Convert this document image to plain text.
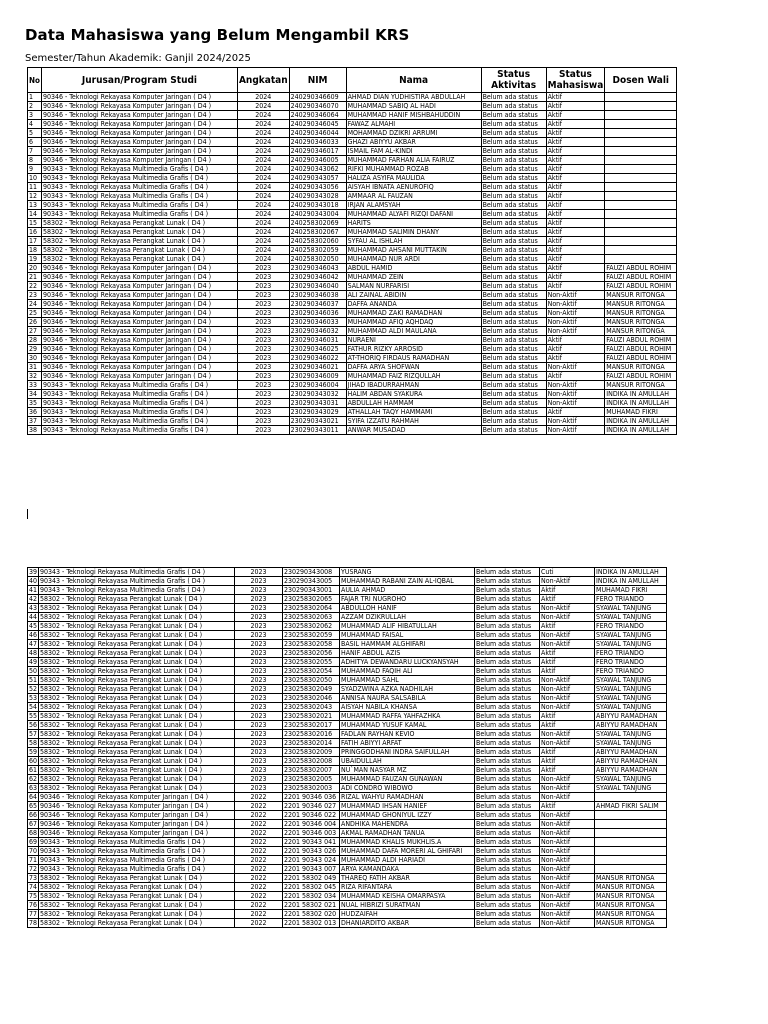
Data Mahasiswa yang Belum Mengambil KRS
Semester/Tahun Akademik: Ganjil 2024/2025
No	Jurusan/Program Studi	Angkatan	NIM	Nama	Status Aktivitas	Status Mahasiswa	Dosen Wali
1	90346 - Teknologi Rekayasa Komputer Jaringan ( D4 )	2024	240290346609	AHMAD DIAN YUDHISTIRA ABDULLAH	Belum ada status	Aktif	
2	90346 - Teknologi Rekayasa Komputer Jaringan ( D4 )	2024	240290346070	MUHAMMAD SABIQ AL HADI	Belum ada status	Aktif	
3	90346 - Teknologi Rekayasa Komputer Jaringan ( D4 )	2024	240290346064	MUHAMMAD HANIF MISHBAHUDDIN	Belum ada status	Aktif	
4	90346 - Teknologi Rekayasa Komputer Jaringan ( D4 )	2024	240290346045	FAWAZ ALMAHI	Belum ada status	Aktif	
5	90346 - Teknologi Rekayasa Komputer Jaringan ( D4 )	2024	240290346044	MOHAMMAD DZIKRI ARRUMI	Belum ada status	Aktif	
6	90346 - Teknologi Rekayasa Komputer Jaringan ( D4 )	2024	240290346033	GHAZI ABIYYU AKBAR	Belum ada status	Aktif	
7	90346 - Teknologi Rekayasa Komputer Jaringan ( D4 )	2024	240290346017	ISMAIL FAM AL-KINDI	Belum ada status	Aktif	
8	90346 - Teknologi Rekayasa Komputer Jaringan ( D4 )	2024	240290346005	MUHAMMAD FARHAN ALIA FAIRUZ	Belum ada status	Aktif	
9	90343 - Teknologi Rekayasa Multimedia Grafis ( D4 )	2024	240290343062	RIFKI MUHAMMAD ROZAB	Belum ada status	Aktif	
10	90343 - Teknologi Rekayasa Multimedia Grafis ( D4 )	2024	240290343057	HALIZA ASYIFA MAULIDA	Belum ada status	Aktif	
11	90343 - Teknologi Rekayasa Multimedia Grafis ( D4 )	2024	240290343056	AISYAH IBNATA AENUROFIQ	Belum ada status	Aktif	
12	90343 - Teknologi Rekayasa Multimedia Grafis ( D4 )	2024	240290343028	AMMAAR AL FAUZAN	Belum ada status	Aktif	
13	90343 - Teknologi Rekayasa Multimedia Grafis ( D4 )	2024	240290343018	IRJAN ALAMSYAH	Belum ada status	Aktif	
14	90343 - Teknologi Rekayasa Multimedia Grafis ( D4 )	2024	240290343004	MUHAMMAD ALYAFI RIZQI DAFANI	Belum ada status	Aktif	
15	58302 - Teknologi Rekayasa Perangkat Lunak ( D4 )	2024	240258302069	HARITS	Belum ada status	Aktif	
16	58302 - Teknologi Rekayasa Perangkat Lunak ( D4 )	2024	240258302067	MUHAMMAD SALIMIN DHANY	Belum ada status	Aktif	
17	58302 - Teknologi Rekayasa Perangkat Lunak ( D4 )	2024	240258302060	SYFAU AL ISHLAH	Belum ada status	Aktif	
18	58302 - Teknologi Rekayasa Perangkat Lunak ( D4 )	2024	240258302059	MUHAMMAD AHSANI MUTTAKIN	Belum ada status	Aktif	
19	58302 - Teknologi Rekayasa Perangkat Lunak ( D4 )	2024	240258302050	MUHAMMAD NUR ARDI	Belum ada status	Aktif	
20	90346 - Teknologi Rekayasa Komputer Jaringan ( D4 )	2023	230290346043	ABDUL HAMID	Belum ada status	Aktif	FAUZI ABDUL ROHIM
21	90346 - Teknologi Rekayasa Komputer Jaringan ( D4 )	2023	230290346042	MUHAMMAD ZEIN	Belum ada status	Aktif	FAUZI ABDUL ROHIM
22	90346 - Teknologi Rekayasa Komputer Jaringan ( D4 )	2023	230290346040	SALMAN NURFARISI	Belum ada status	Aktif	FAUZI ABDUL ROHIM
23	90346 - Teknologi Rekayasa Komputer Jaringan ( D4 )	2023	230290346038	ALI ZAINAL ABIDIN	Belum ada status	Non-Aktif	MANSUR RITONGA
24	90346 - Teknologi Rekayasa Komputer Jaringan ( D4 )	2023	230290346037	DAFFA ANANDA	Belum ada status	Non-Aktif	MANSUR RITONGA
25	90346 - Teknologi Rekayasa Komputer Jaringan ( D4 )	2023	230290346036	MUHAMMAD ZAKI RAMADHAN	Belum ada status	Non-Aktif	MANSUR RITONGA
26	90346 - Teknologi Rekayasa Komputer Jaringan ( D4 )	2023	230290346033	MUHAMMAD AFIQ AQHDAQ	Belum ada status	Non-Aktif	MANSUR RITONGA
27	90346 - Teknologi Rekayasa Komputer Jaringan ( D4 )	2023	230290346032	MUHAMMAD ALDI MAULANA	Belum ada status	Non-Aktif	MANSUR RITONGA
28	90346 - Teknologi Rekayasa Komputer Jaringan ( D4 )	2023	230290346031	NURAENI	Belum ada status	Aktif	FAUZI ABDUL ROHIM
29	90346 - Teknologi Rekayasa Komputer Jaringan ( D4 )	2023	230290346025	FATHUR RIZKY ARROSID	Belum ada status	Aktif	FAUZI ABDUL ROHIM
30	90346 - Teknologi Rekayasa Komputer Jaringan ( D4 )	2023	230290346022	AT-THORIQ FIRDAUS RAMADHAN	Belum ada status	Aktif	FAUZI ABDUL ROHIM
31	90346 - Teknologi Rekayasa Komputer Jaringan ( D4 )	2023	230290346021	DAFFA ARYA SHOFWAN	Belum ada status	Non-Aktif	MANSUR RITONGA
32	90346 - Teknologi Rekayasa Komputer Jaringan ( D4 )	2023	230290346009	MUHAMMAD FAIZ RIZQULLAH	Belum ada status	Aktif	FAUZI ABDUL ROHIM
33	90343 - Teknologi Rekayasa Multimedia Grafis ( D4 )	2023	230290346004	JIHAD IBADURRAHMAN	Belum ada status	Non-Aktif	MANSUR RITONGA
34	90343 - Teknologi Rekayasa Multimedia Grafis ( D4 )	2023	230290343032	HALIM ABDAN SYAKURA	Belum ada status	Non-Aktif	INDIKA IN AMULLAH
35	90343 - Teknologi Rekayasa Multimedia Grafis ( D4 )	2023	230290343031	ABDULLAH HAMMAM	Belum ada status	Non-Aktif	INDIKA IN AMULLAH
36	90343 - Teknologi Rekayasa Multimedia Grafis ( D4 )	2023	230290343029	ATHALLAH TAQY HAMMAMI	Belum ada status	Aktif	MUHAMAD FIKRI
37	90343 - Teknologi Rekayasa Multimedia Grafis ( D4 )	2023	230290343021	SYIFA IZZATU RAHMAH	Belum ada status	Non-Aktif	INDIKA IN AMULLAH
38	90343 - Teknologi Rekayasa Multimedia Grafis ( D4 )	2023	230290343011	ANWAR MUSADAD	Belum ada status	Non-Aktif	INDIKA IN AMULLAH
39	90343 - Teknologi Rekayasa Multimedia Grafis ( D4 )	2023	230290343008	YUSRANG	Belum ada status	Cuti	INDIKA IN AMULLAH
40	90343 - Teknologi Rekayasa Multimedia Grafis ( D4 )	2023	230290343005	MUHAMMAD RABANI ZAIN AL-IQBAL	Belum ada status	Non-Aktif	INDIKA IN AMULLAH
41	90343 - Teknologi Rekayasa Multimedia Grafis ( D4 )	2023	230290343001	AULIA AHMAD	Belum ada status	Aktif	MUHAMAD FIKRI
42	58302 - Teknologi Rekayasa Perangkat Lunak ( D4 )	2023	230258302065	FAJAR TRI NUGROHO	Belum ada status	Aktif	FERO TRIANDO
43	58302 - Teknologi Rekayasa Perangkat Lunak ( D4 )	2023	230258302064	ABDULLOH HANIF	Belum ada status	Non-Aktif	SYAWAL TANJUNG
44	58302 - Teknologi Rekayasa Perangkat Lunak ( D4 )	2023	230258302063	AZZAM DZIKRULLAH	Belum ada status	Non-Aktif	SYAWAL TANJUNG
45	58302 - Teknologi Rekayasa Perangkat Lunak ( D4 )	2023	230258302062	MUHAMMAD ALIF HIBATULLAH	Belum ada status	Aktif	FERO TRIANDO
46	58302 - Teknologi Rekayasa Perangkat Lunak ( D4 )	2023	230258302059	MUHAMMAD FAISAL	Belum ada status	Non-Aktif	SYAWAL TANJUNG
47	58302 - Teknologi Rekayasa Perangkat Lunak ( D4 )	2023	230258302058	BASIL HAMMAM ALGHIFARI	Belum ada status	Non-Aktif	SYAWAL TANJUNG
48	58302 - Teknologi Rekayasa Perangkat Lunak ( D4 )	2023	230258302056	HANIF ABDUL AZIS	Belum ada status	Aktif	FERO TRIANDO
49	58302 - Teknologi Rekayasa Perangkat Lunak ( D4 )	2023	230258302055	ADHITYA DEWANDARU LUCKYANSYAH	Belum ada status	Aktif	FERO TRIANDO
50	58302 - Teknologi Rekayasa Perangkat Lunak ( D4 )	2023	230258302054	MUHAMMAD FAQIH ALI	Belum ada status	Aktif	FERO TRIANDO
51	58302 - Teknologi Rekayasa Perangkat Lunak ( D4 )	2023	230258302050	MUHAMMAD SAHL	Belum ada status	Non-Aktif	SYAWAL TANJUNG
52	58302 - Teknologi Rekayasa Perangkat Lunak ( D4 )	2023	230258302049	SYADZWINA AZKA NADHILAH	Belum ada status	Non-Aktif	SYAWAL TANJUNG
53	58302 - Teknologi Rekayasa Perangkat Lunak ( D4 )	2023	230258302046	ANNISA NAURA SALSABILA	Belum ada status	Non-Aktif	SYAWAL TANJUNG
54	58302 - Teknologi Rekayasa Perangkat Lunak ( D4 )	2023	230258302043	AISYAH NABILA KHANSA	Belum ada status	Non-Aktif	SYAWAL TANJUNG
55	58302 - Teknologi Rekayasa Perangkat Lunak ( D4 )	2023	230258302021	MUHAMMAD RAFFA YAHFAZHKA	Belum ada status	Aktif	ABIYYU RAMADHAN
56	58302 - Teknologi Rekayasa Perangkat Lunak ( D4 )	2023	230258302017	MUHAMMAD YUSUF KAMAL	Belum ada status	Aktif	ABIYYU RAMADHAN
57	58302 - Teknologi Rekayasa Perangkat Lunak ( D4 )	2023	230258302016	FADLAN RAYHAN KEVIO	Belum ada status	Non-Aktif	SYAWAL TANJUNG
58	58302 - Teknologi Rekayasa Perangkat Lunak ( D4 )	2023	230258302014	FATIH ABIYYI ARFAT	Belum ada status	Non-Aktif	SYAWAL TANJUNG
59	58302 - Teknologi Rekayasa Perangkat Lunak ( D4 )	2023	230258302009	PRINGGODHANI INDRA SAIFULLAH	Belum ada status	Aktif	ABIYYU RAMADHAN
60	58302 - Teknologi Rekayasa Perangkat Lunak ( D4 )	2023	230258302008	UBAIDULLAH	Belum ada status	Aktif	ABIYYU RAMADHAN
61	58302 - Teknologi Rekayasa Perangkat Lunak ( D4 )	2023	230258302007	NU`MAN NASYAR MZ	Belum ada status	Aktif	ABIYYU RAMADHAN
62	58302 - Teknologi Rekayasa Perangkat Lunak ( D4 )	2023	230258302005	MUHAMMAD FAUZAN GUNAWAN	Belum ada status	Non-Aktif	SYAWAL TANJUNG
63	58302 - Teknologi Rekayasa Perangkat Lunak ( D4 )	2023	230258302003	ADI CONDRO WIBOWO	Belum ada status	Non-Aktif	SYAWAL TANJUNG
64	90346 - Teknologi Rekayasa Komputer Jaringan ( D4 )	2022	2201 90346 036	RIZAL WAHYU RAMADHAN	Belum ada status	Non-Aktif	
65	90346 - Teknologi Rekayasa Komputer Jaringan ( D4 )	2022	2201 90346 027	MUHAMMAD IHSAN HANIEF	Belum ada status	Aktif	AHMAD FIKRI SALIM
66	90346 - Teknologi Rekayasa Komputer Jaringan ( D4 )	2022	2201 90346 022	MUHAMMAD GHONIYUL IZZY	Belum ada status	Non-Aktif	
67	90346 - Teknologi Rekayasa Komputer Jaringan ( D4 )	2022	2201 90346 004	ANDHIKA MAHENDRA	Belum ada status	Non-Aktif	
68	90346 - Teknologi Rekayasa Komputer Jaringan ( D4 )	2022	2201 90346 003	AKMAL RAMADHAN TANUA	Belum ada status	Non-Aktif	
69	90343 - Teknologi Rekayasa Multimedia Grafis ( D4 )	2022	2201 90343 041	MUHAMMAD KHALIS MUKHLIS.A	Belum ada status	Non-Aktif	
70	90343 - Teknologi Rekayasa Multimedia Grafis ( D4 )	2022	2201 90343 026	MUHAMMAD DAFA MORERI AL GHIFARI	Belum ada status	Non-Aktif	
71	90343 - Teknologi Rekayasa Multimedia Grafis ( D4 )	2022	2201 90343 024	MUHAMMAD ALDI HARIADI	Belum ada status	Non-Aktif	
72	90343 - Teknologi Rekayasa Multimedia Grafis ( D4 )	2022	2201 90343 007	ARYA KAMANDAKA	Belum ada status	Non-Aktif	
73	58302 - Teknologi Rekayasa Perangkat Lunak ( D4 )	2022	2201 58302 049	THAREQ FATIH AKBAR	Belum ada status	Non-Aktif	MANSUR RITONGA
74	58302 - Teknologi Rekayasa Perangkat Lunak ( D4 )	2022	2201 58302 045	RIZA RIFANTARA	Belum ada status	Non-Aktif	MANSUR RITONGA
75	58302 - Teknologi Rekayasa Perangkat Lunak ( D4 )	2022	2201 58302 034	MUHAMMAD KEISHA OMARPASYA	Belum ada status	Non-Aktif	MANSUR RITONGA
76	58302 - Teknologi Rekayasa Perangkat Lunak ( D4 )	2022	2201 58302 021	NUAL HIBRIZI SURATMAN	Belum ada status	Non-Aktif	MANSUR RITONGA
77	58302 - Teknologi Rekayasa Perangkat Lunak ( D4 )	2022	2201 58302 020	HUDZAIFAH	Belum ada status	Non-Aktif	MANSUR RITONGA
78	58302 - Teknologi Rekayasa Perangkat Lunak ( D4 )	2022	2201 58302 013	DHANIARDITO AKBAR	Belum ada status	Non-Aktif	MANSUR RITONGA
